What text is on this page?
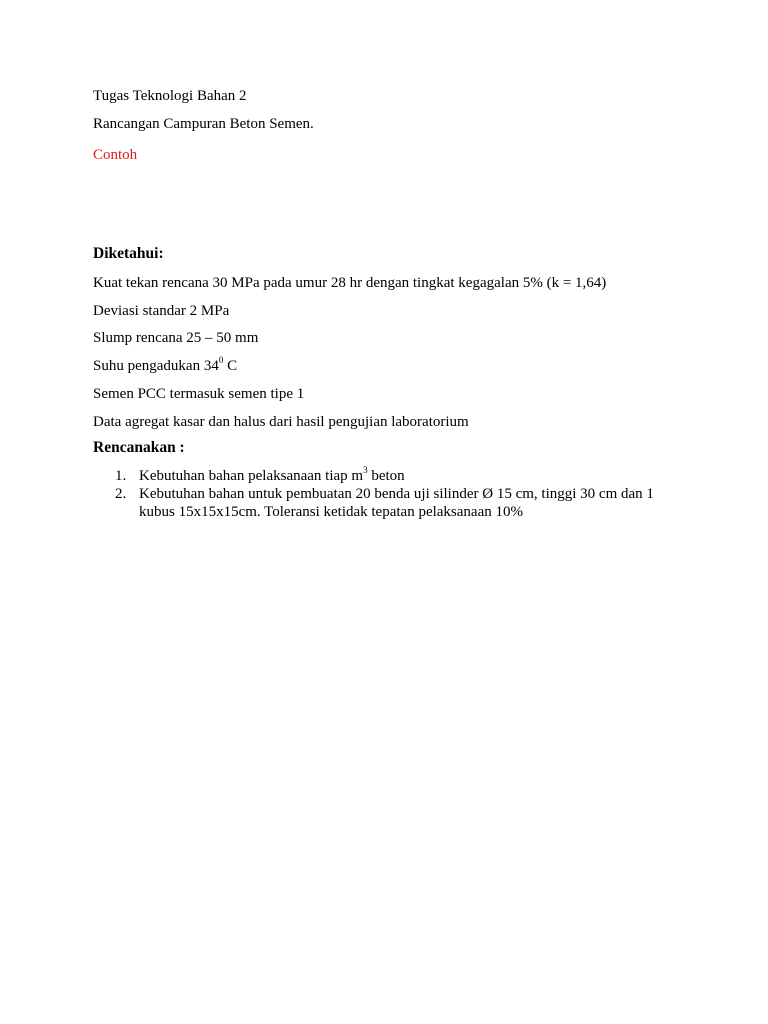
Tugas Teknologi Bahan 2
Rancangan Campuran Beton Semen.
Contoh
Diketahui:
Kuat tekan rencana 30 MPa pada umur 28 hr dengan tingkat kegagalan 5% (k = 1,64)
Deviasi standar 2 MPa
Slump rencana 25 – 50 mm
Suhu pengadukan $34^0$ C
Semen PCC termasuk semen tipe 1
Data agregat kasar dan halus dari hasil pengujian laboratorium
Rencanakan :
1. Kebutuhan bahan pelaksanaan tiap $m^3$ beton
2. Kebutuhan bahan untuk pembuatan 20 benda uji silinder Ø 15 cm, tinggi 30 cm dan 1
kubus 15x15x15cm. Toleransi ketidak tepatan pelaksanaan 10%
